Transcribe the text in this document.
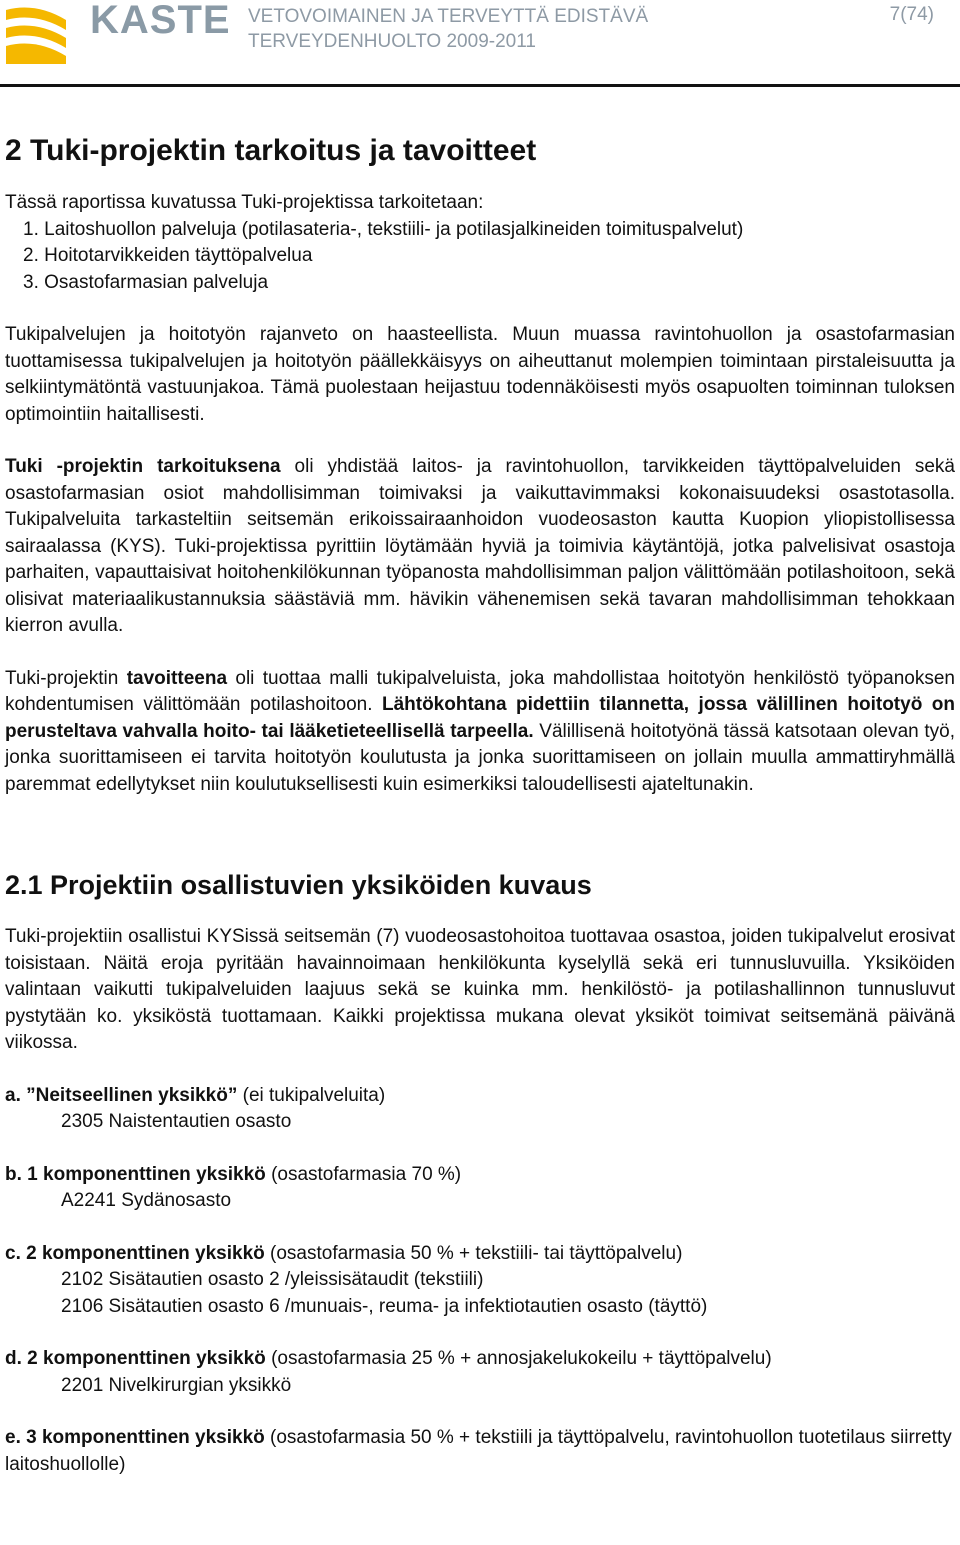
KASTE VETOVOIMAINEN JA TERVEYTTÄ EDISTÄVÄ
TERVEYDENHUOLTO 2009-2011
7(74)
2 Tuki-projektin tarkoitus ja tavoitteet

Tässä raportissa kuvatussa Tuki-projektissa tarkoitetaan:

1. Laitoshuollon palveluja (potilasateria-, tekstiili- ja potilasjalkineiden toimituspalvelut)

2. Hoitotarvikkeiden täyttöpalvelua

3. Osastofarmasian palveluja

Tukipalvelujen ja hoitotyön rajanveto on haasteellista. Muun muassa ravintohuollon ja osastofarmasian tuottamisessa tukipalvelujen ja hoitotyön päällekkäisyys on aiheuttanut molempien toimintaan pirstaleisuutta ja selkiintymätöntä vastuunjakoa. Tämä puolestaan heijastuu todennäköisesti myös osapuolten toiminnan tuloksen optimointiin haitallisesti.

Tuki -projektin tarkoituksena oli yhdistää laitos- ja ravintohuollon, tarvikkeiden täyttöpalveluiden sekä osastofarmasian osiot mahdollisimman toimivaksi ja vaikuttavimmaksi kokonaisuudeksi osastotasolla. Tukipalveluita tarkasteltiin seitsemän erikoissairaanhoidon vuodeosaston kautta Kuopion yliopistollisessa sairaalassa (KYS). Tuki-projektissa pyrittiin löytämään hyviä ja toimivia käytäntöjä, jotka palvelisivat osastoja parhaiten, vapauttaisivat hoitohenkilökunnan työpanosta mahdollisimman paljon välittömään potilashoitoon, sekä olisivat materiaalikustannuksia säästäviä mm. hävikin vähenemisen sekä tavaran mahdollisimman tehokkaan kierron avulla.

Tuki-projektin tavoitteena oli tuottaa malli tukipalveluista, joka mahdollistaa hoitotyön henkilöstö työpanoksen kohdentumisen välittömään potilashoitoon. Lähtökohtana pidettiin tilannetta, jossa välillinen hoitotyö on perusteltava vahvalla hoito- tai lääketieteellisellä tarpeella. Välillisenä hoitotyönä tässä katsotaan olevan työ, jonka suorittamiseen ei tarvita hoitotyön koulutusta ja jonka suorittamiseen on jollain muulla ammattiryhmällä paremmat edellytykset niin koulutuksellisesti kuin esimerkiksi taloudellisesti ajateltunakin.

2.1 Projektiin osallistuvien yksiköiden kuvaus

Tuki-projektiin osallistui KYSissä seitsemän (7) vuodeosastohoitoa tuottavaa osastoa, joiden tukipalvelut erosivat toisistaan. Näitä eroja pyritään havainnoimaan henkilökunta kyselyllä sekä eri tunnusluvuilla. Yksiköiden valintaan vaikutti tukipalveluiden laajuus sekä se kuinka mm. henkilöstö- ja potilashallinnon tunnusluvut pystytään ko. yksiköstä tuottamaan. Kaikki projektissa mukana olevat yksiköt toimivat seitsemänä päivänä viikossa.

a. ”Neitseellinen yksikkö” (ei tukipalveluita)
2305 Naistentautien osasto
b. 1 komponenttinen yksikkö (osastofarmasia 70 %)
A2241 Sydänosasto
c. 2 komponenttinen yksikkö (osastofarmasia 50 % + tekstiili- tai täyttöpalvelu)
2102 Sisätautien osasto 2 /yleissisätaudit (tekstiili)
2106 Sisätautien osasto 6 /munuais-, reuma- ja infektiotautien osasto (täyttö)
d. 2 komponenttinen yksikkö (osastofarmasia 25 % + annosjakelukokeilu + täyttöpalvelu)
2201 Nivelkirurgian yksikkö
e. 3 komponenttinen yksikkö (osastofarmasia 50 % + tekstiili ja täyttöpalvelu, ravintohuollon tuotetilaus siirretty laitoshuollolle)
